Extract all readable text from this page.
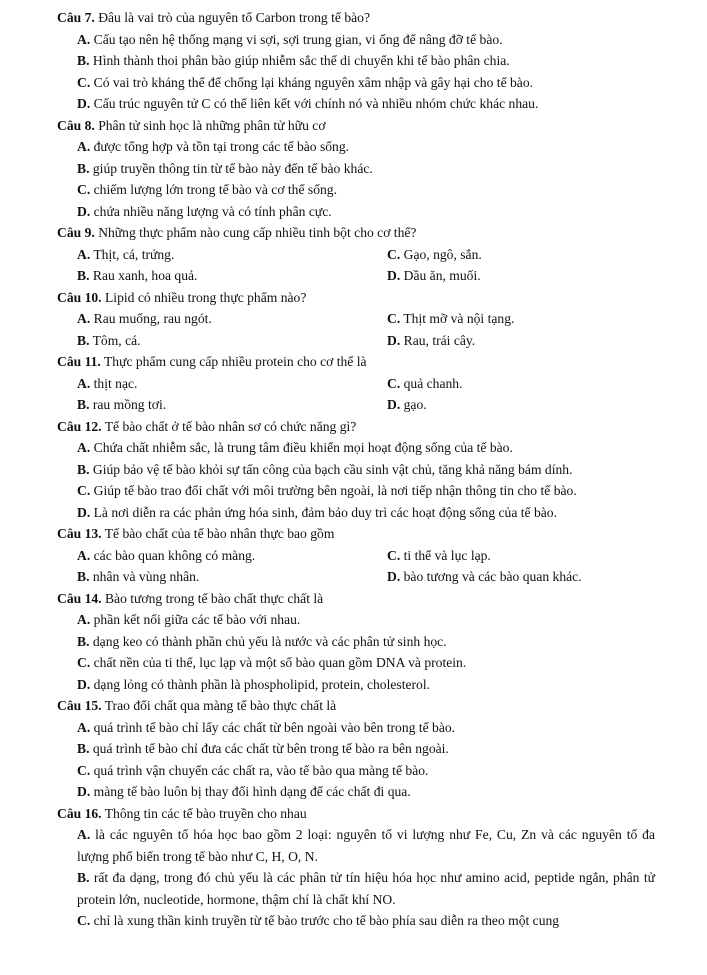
Câu 7. Đâu là vai trò của nguyên tố Carbon trong tế bào?
A. Cấu tạo nên hệ thống mạng vi sợi, sợi trung gian, vi ống để nâng đỡ tế bào.
B. Hình thành thoi phân bào giúp nhiễm sắc thể di chuyển khi tế bào phân chia.
C. Có vai trò kháng thể để chống lại kháng nguyên xâm nhập và gây hại cho tế bào.
D. Cấu trúc nguyên tử C có thể liên kết với chính nó và nhiều nhóm chức khác nhau.
Câu 8. Phân tử sinh học là những phân tử hữu cơ
A. được tổng hợp và tồn tại trong các tế bào sống.
B. giúp truyền thông tin từ tế bào này đến tế bào khác.
C. chiếm lượng lớn trong tế bào và cơ thể sống.
D. chứa nhiều năng lượng và có tính phân cực.
Câu 9. Những thực phẩm nào cung cấp nhiều tinh bột cho cơ thể?
A. Thịt, cá, trứng.	C. Gạo, ngô, sắn.
B. Rau xanh, hoa quả.	D. Dầu ăn, muối.
Câu 10. Lipid có nhiều trong thực phẩm nào?
A. Rau muống, rau ngót.	C. Thịt mỡ và nội tạng.
B. Tôm, cá.	D. Rau, trái cây.
Câu 11. Thực phẩm cung cấp nhiều protein cho cơ thể là
A. thịt nạc.	C. quả chanh.
B. rau mồng tơi.	D. gạo.
Câu 12. Tế bào chất ở tế bào nhân sơ có chức năng gì?
A. Chứa chất nhiễm sắc, là trung tâm điều khiển mọi hoạt động sống của tế bào.
B. Giúp bảo vệ tế bào khỏi sự tấn công của bạch cầu sinh vật chủ, tăng khả năng bám dính.
C. Giúp tế bào trao đổi chất với môi trường bên ngoài, là nơi tiếp nhận thông tin cho tế bào.
D. Là nơi diễn ra các phản ứng hóa sinh, đảm bảo duy trì các hoạt động sống của tế bào.
Câu 13. Tế bào chất của tế bào nhân thực bao gồm
A. các bào quan không có màng.	C. ti thể và lục lạp.
B. nhân và vùng nhân.	D. bào tương và các bào quan khác.
Câu 14. Bào tương trong tế bào chất thực chất là
A. phần kết nối giữa các tế bào với nhau.
B. dạng keo có thành phần chủ yếu là nước và các phân tử sinh học.
C. chất nền của ti thể, lục lạp và một số bào quan gồm DNA và protein.
D. dạng lỏng có thành phần là phospholipid, protein, cholesterol.
Câu 15. Trao đổi chất qua màng tế bào thực chất là
A. quá trình tế bào chỉ lấy các chất từ bên ngoài vào bên trong tế bào.
B. quá trình tế bào chỉ đưa các chất từ bên trong tế bào ra bên ngoài.
C. quá trình vận chuyển các chất ra, vào tế bào qua màng tế bào.
D. màng tế bào luôn bị thay đổi hình dạng để các chất đi qua.
Câu 16. Thông tin các tế bào truyền cho nhau
A. là các nguyên tố hóa học bao gồm 2 loại: nguyên tố vi lượng như Fe, Cu, Zn và các nguyên tố đa lượng phổ biến trong tế bào như C, H, O, N.
B. rất đa dạng, trong đó chủ yếu là các phân tử tín hiệu hóa học như amino acid, peptide ngắn, phân tử protein lớn, nucleotide, hormone, thậm chí là chất khí NO.
C. chỉ là xung thần kinh truyền từ tế bào trước cho tế bào phía sau diễn ra theo một cung
